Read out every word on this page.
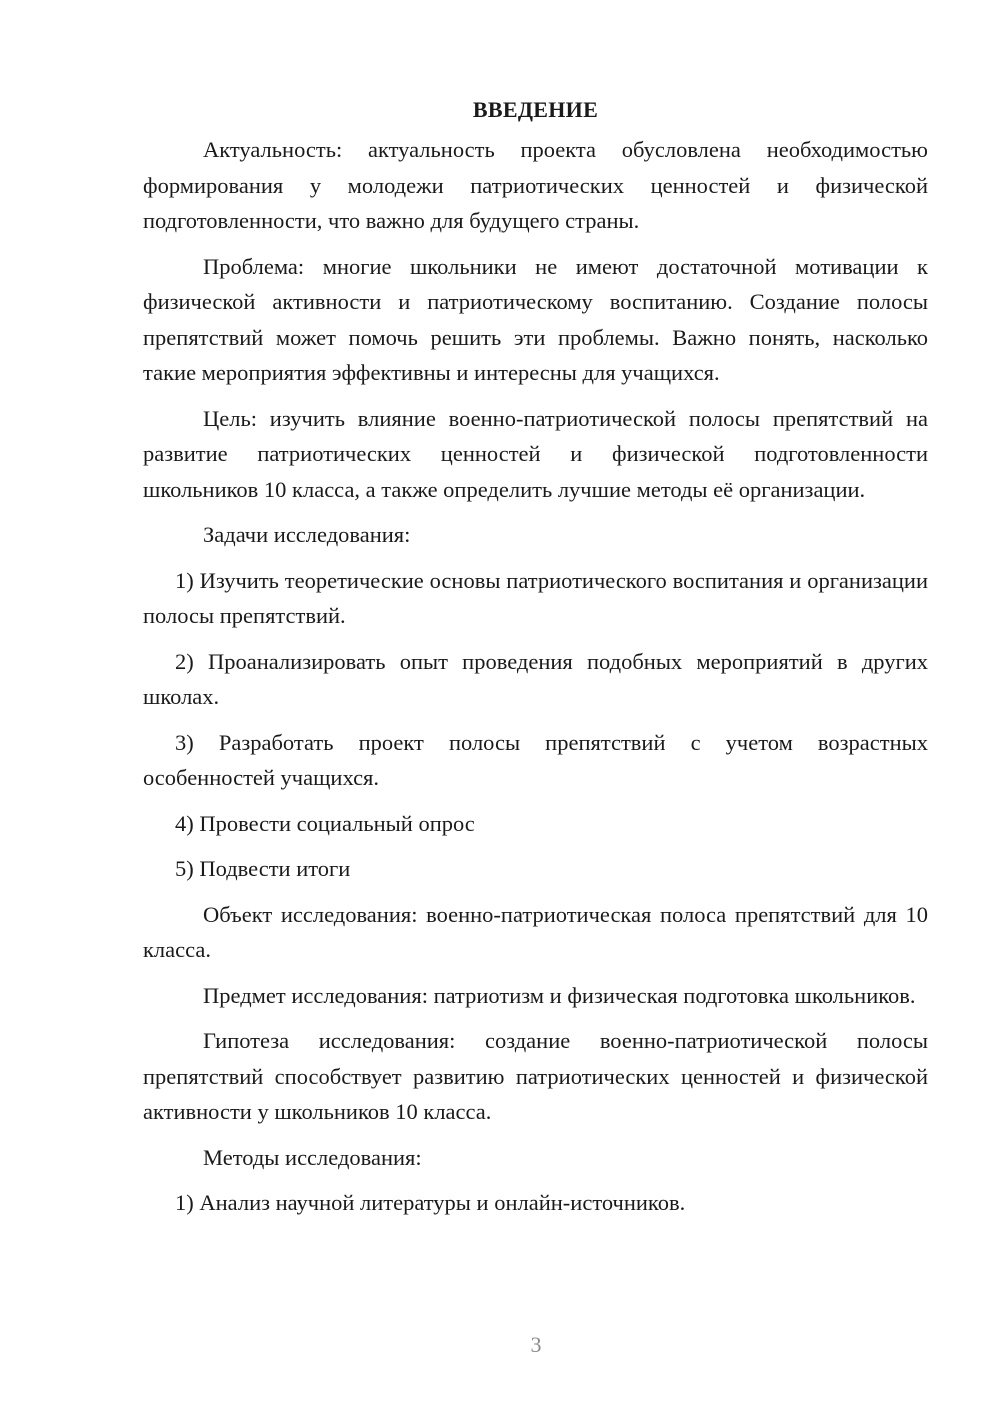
ВВЕДЕНИЕ

Актуальность: актуальность проекта обусловлена необходимостью формирования у молодежи патриотических ценностей и физической подготовленности, что важно для будущего страны.

Проблема: многие школьники не имеют достаточной мотивации к физической активности и патриотическому воспитанию. Создание полосы препятствий может помочь решить эти проблемы. Важно понять, насколько такие мероприятия эффективны и интересны для учащихся.

Цель: изучить влияние военно-патриотической полосы препятствий на развитие патриотических ценностей и физической подготовленности школьников 10 класса, а также определить лучшие методы её организации.

Задачи исследования:

1) Изучить теоретические основы патриотического воспитания и организации полосы препятствий.

2) Проанализировать опыт проведения подобных мероприятий в других школах.

3) Разработать проект полосы препятствий с учетом возрастных особенностей учащихся.

4) Провести социальный опрос

5) Подвести итоги

Объект исследования: военно-патриотическая полоса препятствий для 10 класса.

Предмет исследования: патриотизм и физическая подготовка школьников.

Гипотеза исследования: создание военно-патриотической полосы препятствий способствует развитию патриотических ценностей и физической активности у школьников 10 класса.

Методы исследования:

1) Анализ научной литературы и онлайн-источников.

3
